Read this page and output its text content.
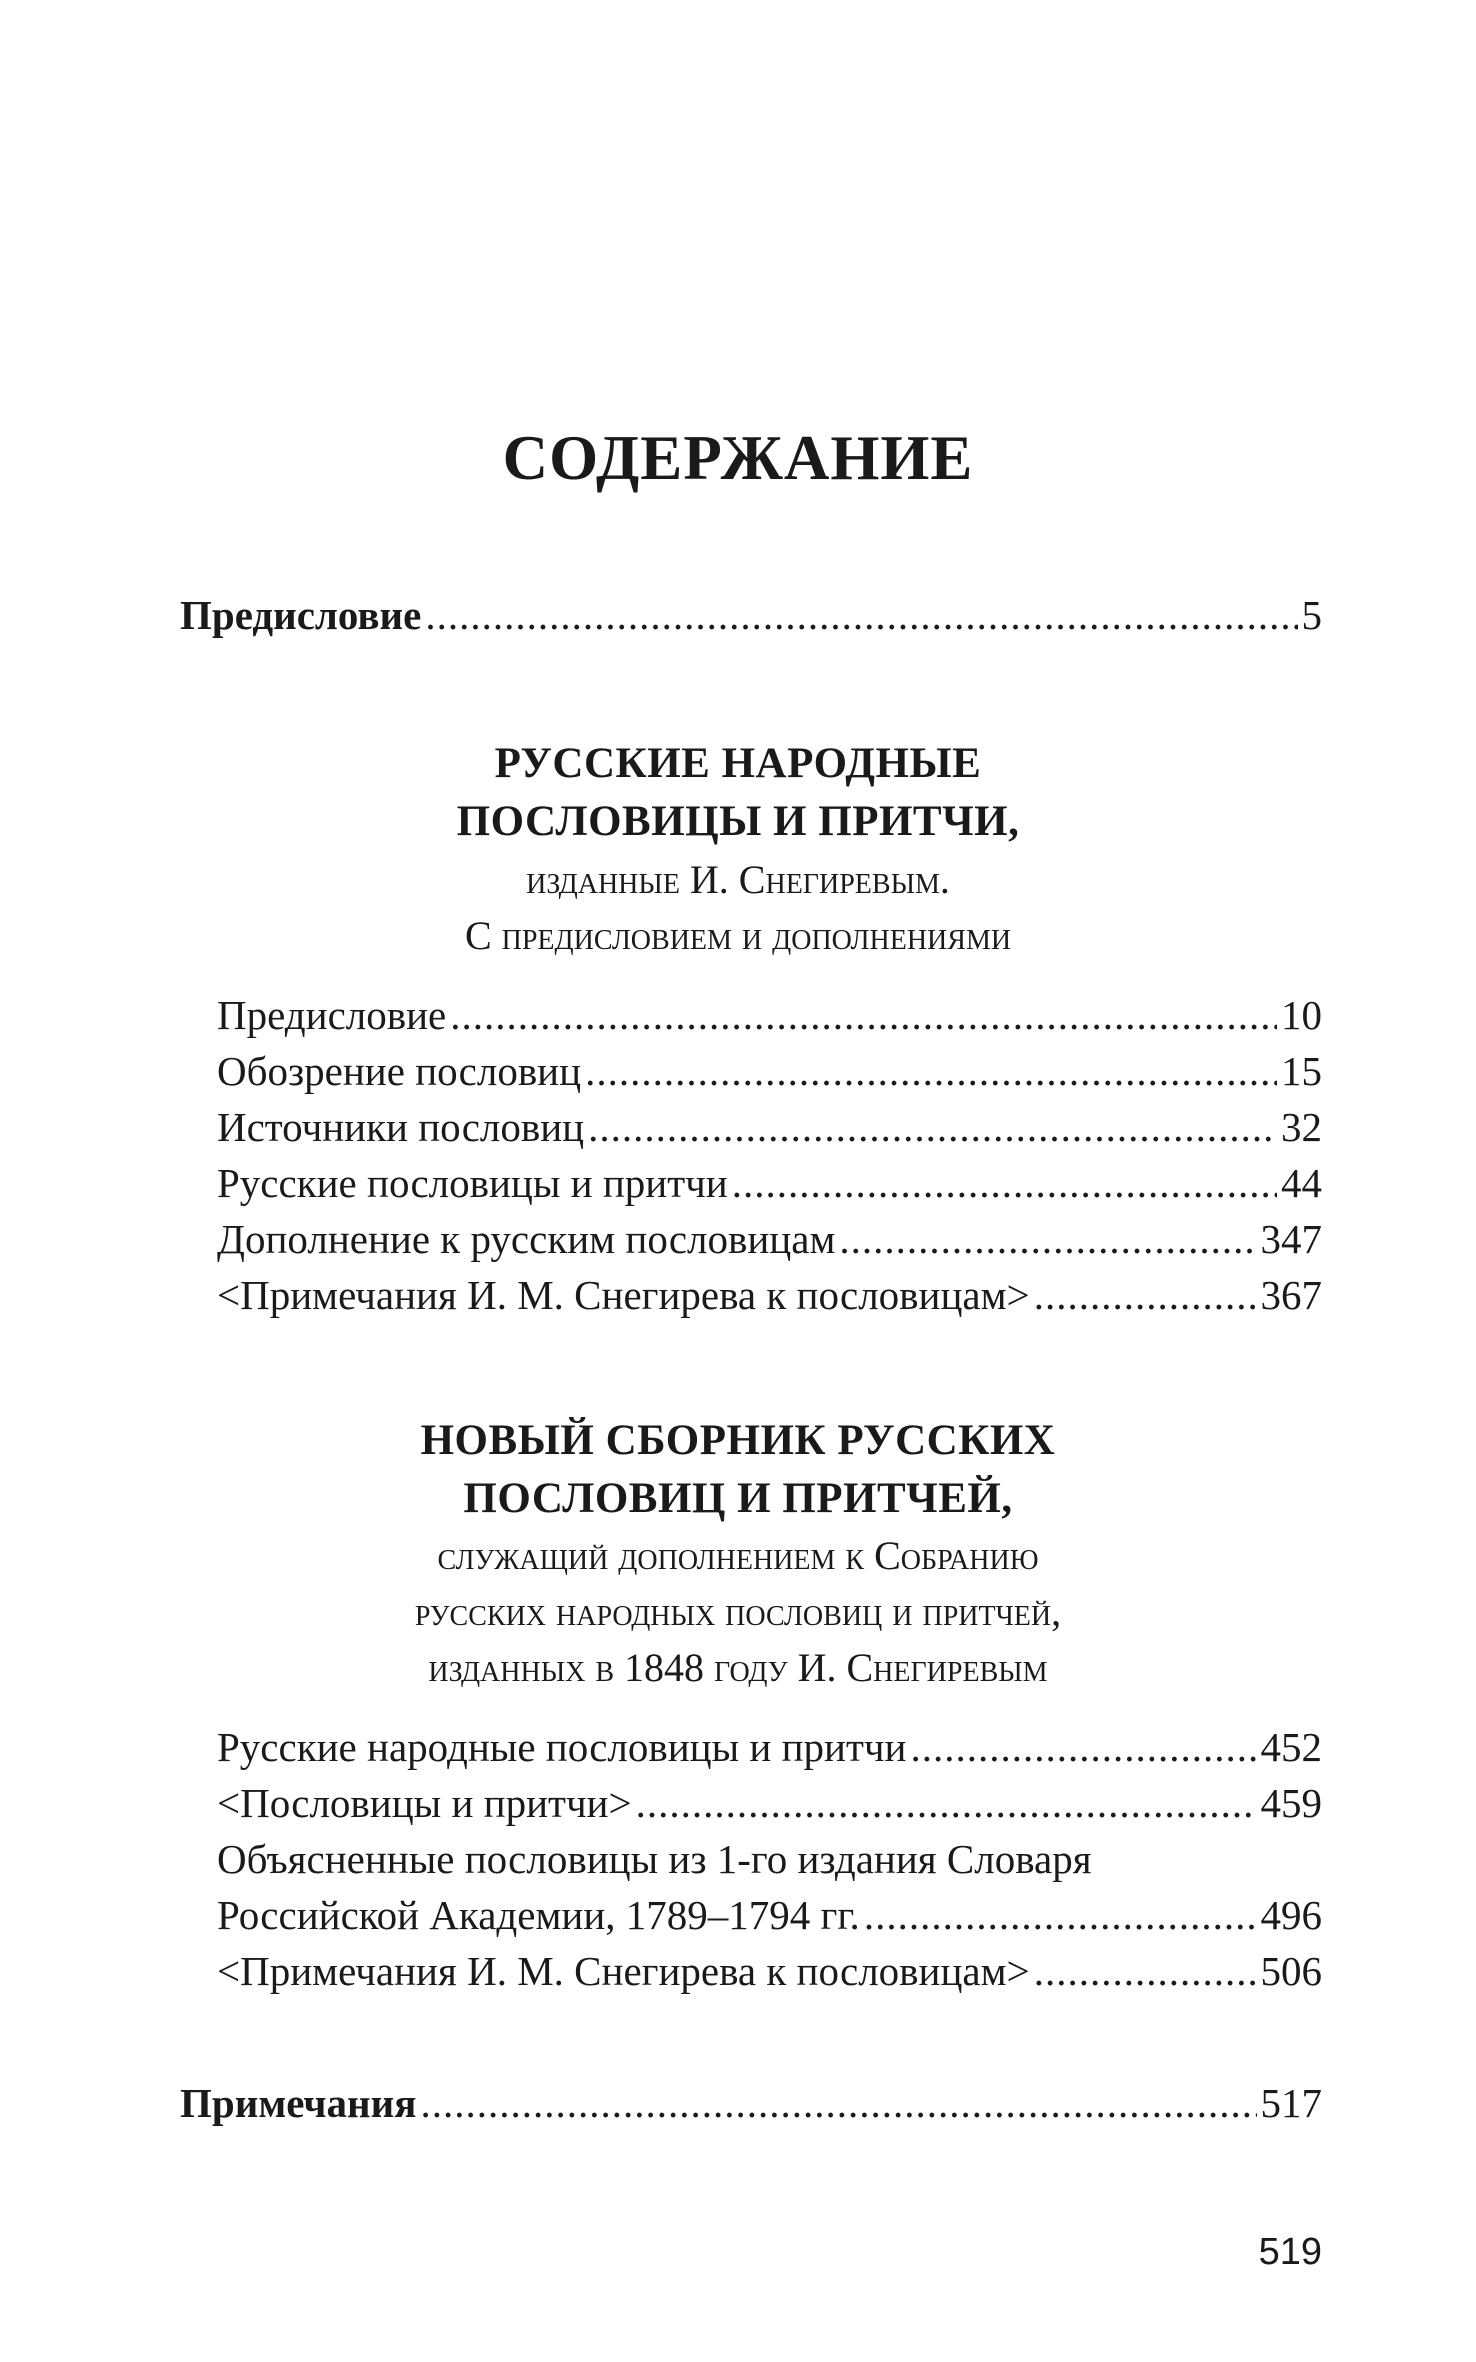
СОДЕРЖАНИЕ
Предисловие .....	5
РУССКИЕ НАРОДНЫЕ
ПОСЛОВИЦЫ И ПРИТЧИ,
изданные И. Снегиревым.
С предисловием и дополнениями
Предисловие .....	10
Обозрение пословиц .....	15
Источники пословиц .....	32
Русские пословицы и притчи .....	44
Дополнение к русским пословицам .....	347
<Примечания И. М. Снегирева к пословицам> .....	367
НОВЫЙ СБОРНИК РУССКИХ
ПОСЛОВИЦ И ПРИТЧЕЙ,
служащий дополнением к Собранию
русских народных пословиц и притчей,
изданных в 1848 году И. Снегиревым
Русские народные пословицы и притчи .....	452
<Пословицы и притчи> .....	459
Объясненные пословицы из 1-го издания Словаря
Российской Академии, 1789–1794 гг. .....	496
<Примечания И. М. Снегирева к пословицам> .....	506
Примечания .....	517
519
